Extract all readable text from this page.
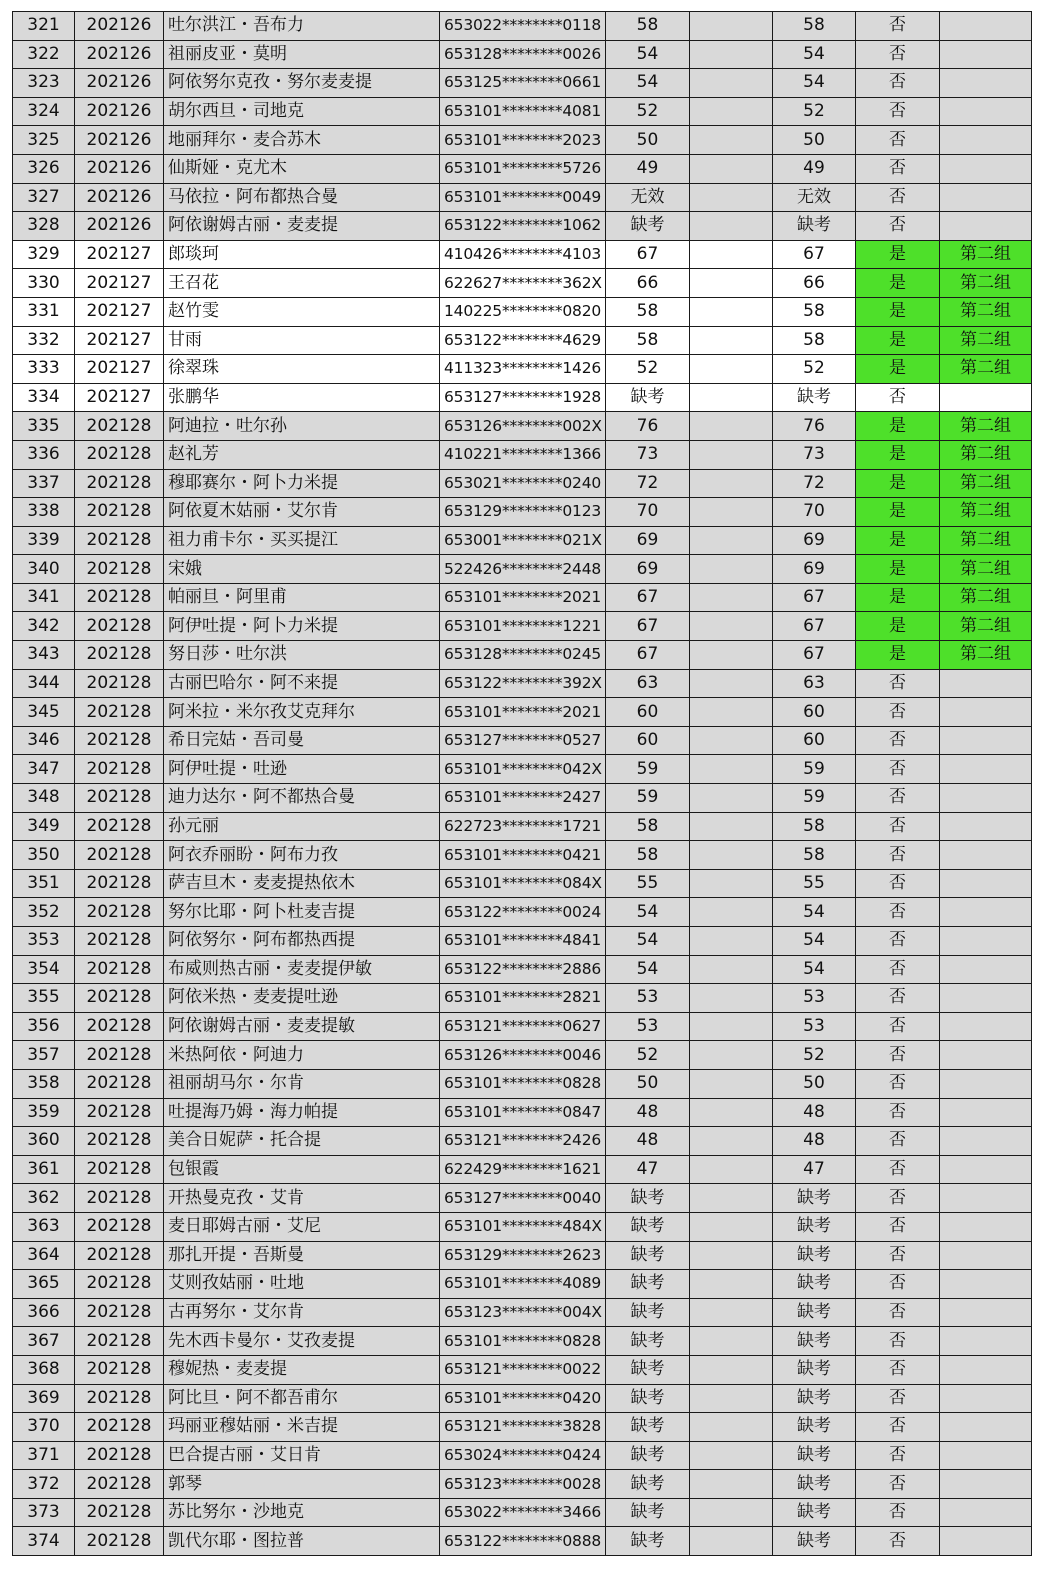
321	202126	吐尔洪江・吾布力	653022********0118	58		58	否	
322	202126	祖丽皮亚・莫明	653128********0026	54		54	否	
323	202126	阿依努尔克孜・努尔麦麦提	653125********0661	54		54	否	
324	202126	胡尔西旦・司地克	653101********4081	52		52	否	
325	202126	地丽拜尔・麦合苏木	653101********2023	50		50	否	
326	202126	仙斯娅・克尤木	653101********5726	49		49	否	
327	202126	马依拉・阿布都热合曼	653101********0049	无效		无效	否	
328	202126	阿依谢姆古丽・麦麦提	653122********1062	缺考		缺考	否	
329	202127	郎琰珂	410426********4103	67		67	是	第二组
330	202127	王召花	622627********362X	66		66	是	第二组
331	202127	赵竹雯	140225********0820	58		58	是	第二组
332	202127	甘雨	653122********4629	58		58	是	第二组
333	202127	徐翠珠	411323********1426	52		52	是	第二组
334	202127	张鹏华	653127********1928	缺考		缺考	否	
335	202128	阿迪拉・吐尔孙	653126********002X	76		76	是	第二组
336	202128	赵礼芳	410221********1366	73		73	是	第二组
337	202128	穆耶赛尔・阿卜力米提	653021********0240	72		72	是	第二组
338	202128	阿依夏木姑丽・艾尔肯	653129********0123	70		70	是	第二组
339	202128	祖力甫卡尔・买买提江	653001********021X	69		69	是	第二组
340	202128	宋娥	522426********2448	69		69	是	第二组
341	202128	帕丽旦・阿里甫	653101********2021	67		67	是	第二组
342	202128	阿伊吐提・阿卜力米提	653101********1221	67		67	是	第二组
343	202128	努日莎・吐尔洪	653128********0245	67		67	是	第二组
344	202128	古丽巴哈尔・阿不来提	653122********392X	63		63	否	
345	202128	阿米拉・米尔孜艾克拜尔	653101********2021	60		60	否	
346	202128	希日完姑・吾司曼	653127********0527	60		60	否	
347	202128	阿伊吐提・吐逊	653101********042X	59		59	否	
348	202128	迪力达尔・阿不都热合曼	653101********2427	59		59	否	
349	202128	孙元丽	622723********1721	58		58	否	
350	202128	阿衣乔丽盼・阿布力孜	653101********0421	58		58	否	
351	202128	萨吉旦木・麦麦提热依木	653101********084X	55		55	否	
352	202128	努尔比耶・阿卜杜麦吉提	653122********0024	54		54	否	
353	202128	阿依努尔・阿布都热西提	653101********4841	54		54	否	
354	202128	布威则热古丽・麦麦提伊敏	653122********2886	54		54	否	
355	202128	阿依米热・麦麦提吐逊	653101********2821	53		53	否	
356	202128	阿依谢姆古丽・麦麦提敏	653121********0627	53		53	否	
357	202128	米热阿依・阿迪力	653126********0046	52		52	否	
358	202128	祖丽胡马尔・尔肯	653101********0828	50		50	否	
359	202128	吐提海乃姆・海力帕提	653101********0847	48		48	否	
360	202128	美合日妮萨・托合提	653121********2426	48		48	否	
361	202128	包银霞	622429********1621	47		47	否	
362	202128	开热曼克孜・艾肯	653127********0040	缺考		缺考	否	
363	202128	麦日耶姆古丽・艾尼	653101********484X	缺考		缺考	否	
364	202128	那扎开提・吾斯曼	653129********2623	缺考		缺考	否	
365	202128	艾则孜姑丽・吐地	653101********4089	缺考		缺考	否	
366	202128	古再努尔・艾尔肯	653123********004X	缺考		缺考	否	
367	202128	先木西卡曼尔・艾孜麦提	653101********0828	缺考		缺考	否	
368	202128	穆妮热・麦麦提	653121********0022	缺考		缺考	否	
369	202128	阿比旦・阿不都吾甫尔	653101********0420	缺考		缺考	否	
370	202128	玛丽亚穆姑丽・米吉提	653121********3828	缺考		缺考	否	
371	202128	巴合提古丽・艾日肯	653024********0424	缺考		缺考	否	
372	202128	郭琴	653123********0028	缺考		缺考	否	
373	202128	苏比努尔・沙地克	653022********3466	缺考		缺考	否	
374	202128	凯代尔耶・图拉普	653122********0888	缺考		缺考	否	
